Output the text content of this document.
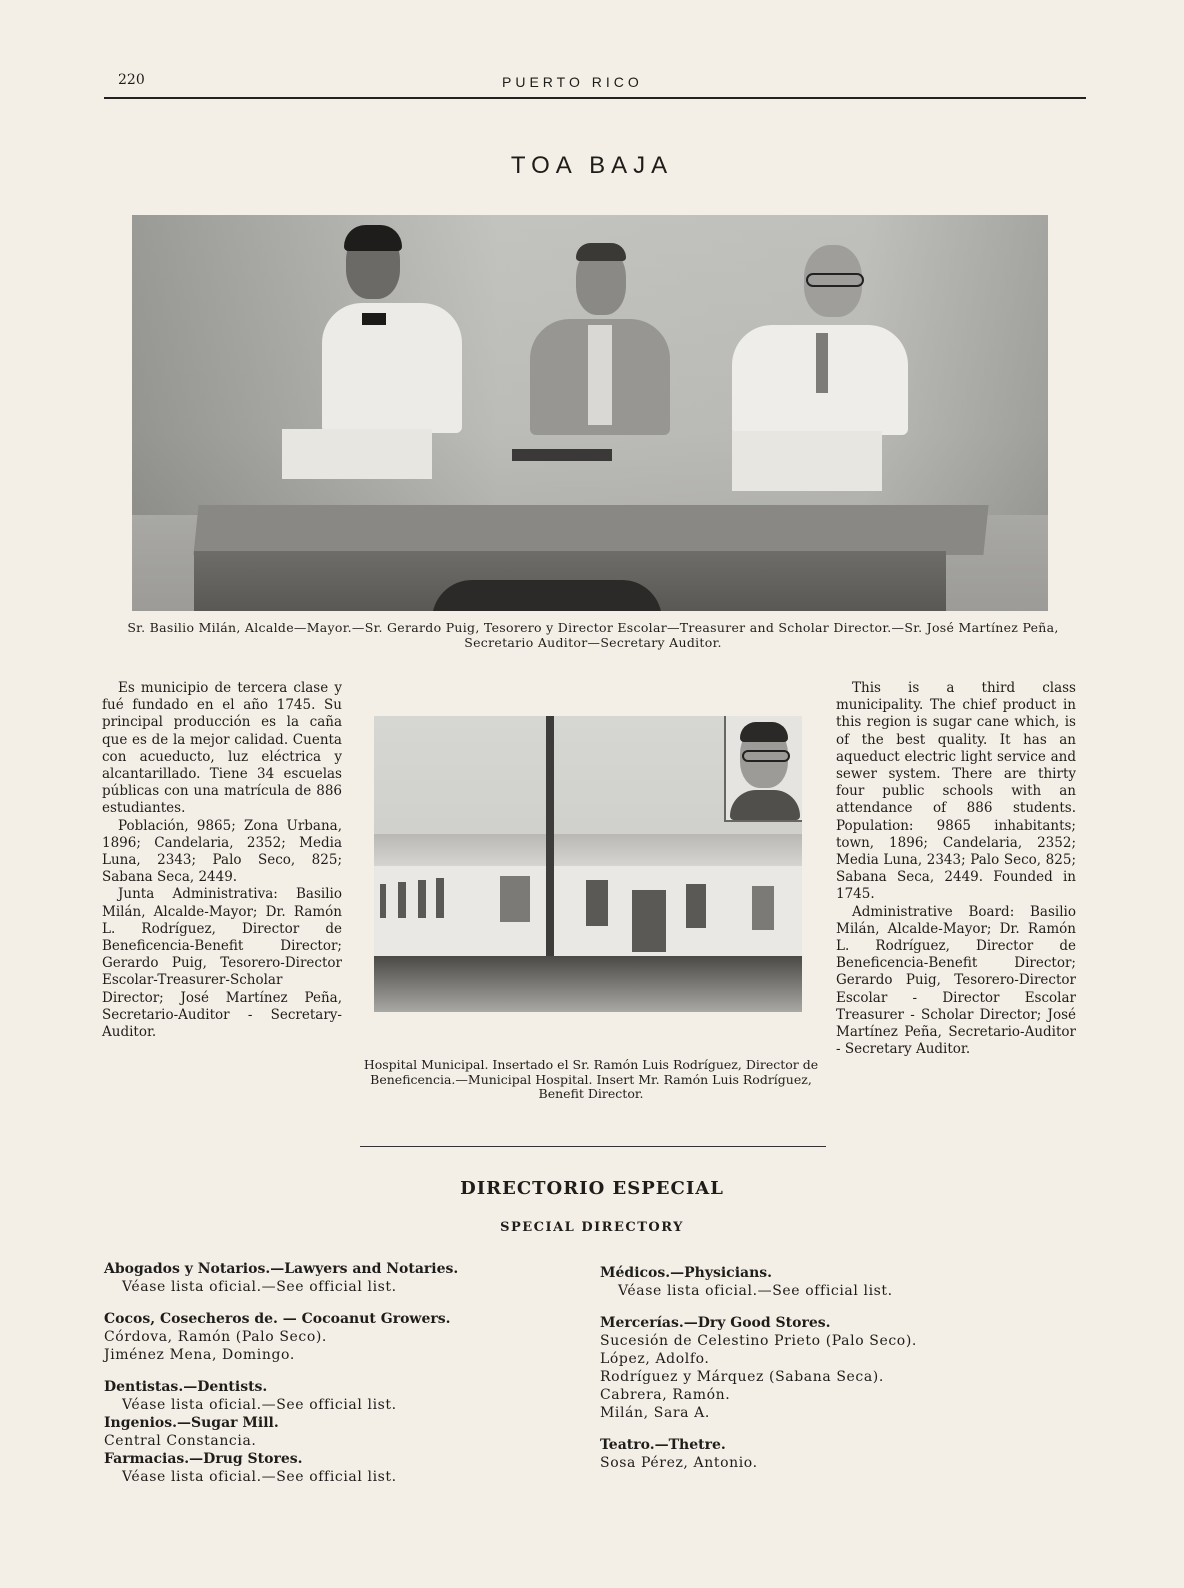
220	PUERTO RICO
TOA BAJA
Sr. Basilio Milán, Alcalde—Mayor.—Sr. Gerardo Puig, Tesorero y Director Escolar—Treasurer and Scholar Director.—Sr. José Martínez Peña, Secretario Auditor—Secretary Auditor.

Es municipio de tercera clase y fué fundado en el año 1745. Su principal producción es la caña que es de la mejor calidad. Cuenta con acueducto, luz eléctrica y alcantarillado. Tiene 34 escuelas públicas con una matrícula de 886 estudiantes.

Población, 9865; Zona Urbana, 1896; Candelaria, 2352; Media Luna, 2343; Palo Seco, 825; Sabana Seca, 2449.

Junta Administrativa: Basilio Milán, Alcalde-Mayor; Dr. Ramón L. Rodríguez, Director de Beneficencia-Benefit Director; Gerardo Puig, Tesorero-Director Escolar-Treasurer-Scholar Director; José Martínez Peña, Secretario-Auditor - Secretary-Auditor.

Hospital Municipal. Insertado el Sr. Ramón Luis Rodríguez, Director de Beneficencia.—Municipal Hospital. Insert Mr. Ramón Luis Rodríguez, Benefit Director.

This is a third class municipality. The chief product in this region is sugar cane which, is of the best quality. It has an aqueduct electric light service and sewer system. There are thirty four public schools with an attendance of 886 students. Population: 9865 inhabitants; town, 1896; Candelaria, 2352; Media Luna, 2343; Palo Seco, 825; Sabana Seca, 2449. Founded in 1745.

Administrative Board: Basilio Milán, Alcalde-Mayor; Dr. Ramón L. Rodríguez, Director de Beneficencia-Benefit Director; Gerardo Puig, Tesorero-Director Escolar - Director Escolar Treasurer - Scholar Director; José Martínez Peña, Secretario-Auditor - Secretary Auditor.

DIRECTORIO ESPECIAL
SPECIAL DIRECTORY
Abogados y Notarios.—Lawyers and Notaries.
Véase lista oficial.—See official list.
Cocos, Cosecheros de. — Cocoanut Growers.
Córdova, Ramón (Palo Seco).
Jiménez Mena, Domingo.
Dentistas.—Dentists.
Véase lista oficial.—See official list.
Ingenios.—Sugar Mill.
Central Constancia.
Farmacias.—Drug Stores.
Véase lista oficial.—See official list.
Médicos.—Physicians.
Véase lista oficial.—See official list.
Mercerías.—Dry Good Stores.
Sucesión de Celestino Prieto (Palo Seco).
López, Adolfo.
Rodríguez y Márquez (Sabana Seca).
Cabrera, Ramón.
Milán, Sara A.
Teatro.—Thetre.
Sosa Pérez, Antonio.
